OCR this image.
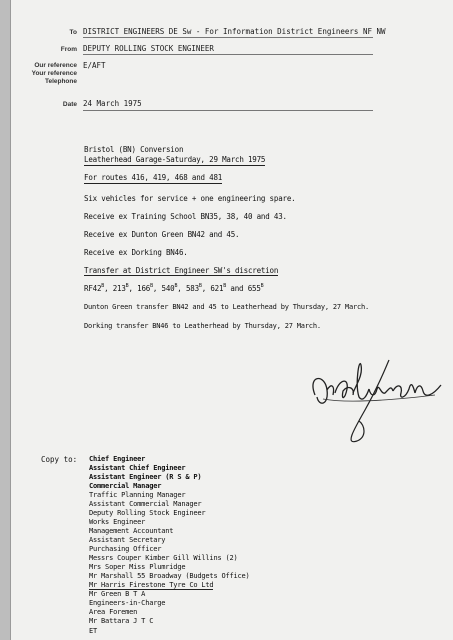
To DISTRICT ENGINEERS DE Sw - For Information District Engineers NF NW
From DEPUTY ROLLING STOCK ENGINEER
Our reference E/AFT
Your reference
Telephone
Date 24 March 1975
Bristol (BN) Conversion
Leatherhead Garage-Saturday, 29 March 1975
For routes 416, 419, 468 and 481
Six vehicles for service + one engineering spare.
Receive ex Training School BN35, 38, 40 and 43.
Receive ex Dunton Green BN42 and 45.
Receive ex Dorking BN46.
Transfer at District Engineer SW's discretion
$RF42^B$, $213^B$, $166^B$, $540^B$, $583^B$, $621^B$ and $655^B$
Dunton Green transfer BN42 and 45 to Leatherhead by Thursday, 27 March.
Dorking transfer BN46 to Leatherhead by Thursday, 27 March.
Copy to: Chief Engineer
Assistant Chief Engineer
Assistant Engineer (R S & P)
Commercial Manager
Traffic Planning Manager
Assistant Commercial Manager
Deputy Rolling Stock Engineer
Works Engineer
Management Accountant
Assistant Secretary
Purchasing Officer
Messrs Couper Kimber Gill Willins (2)
Mrs Soper Miss Plumridge
Mr Marshall 55 Broadway (Budgets Office)
Mr Harris Firestone Tyre Co Ltd
Mr Green B T A
Engineers-in-Charge
Area Foremen
Mr Battara J T C
ET
